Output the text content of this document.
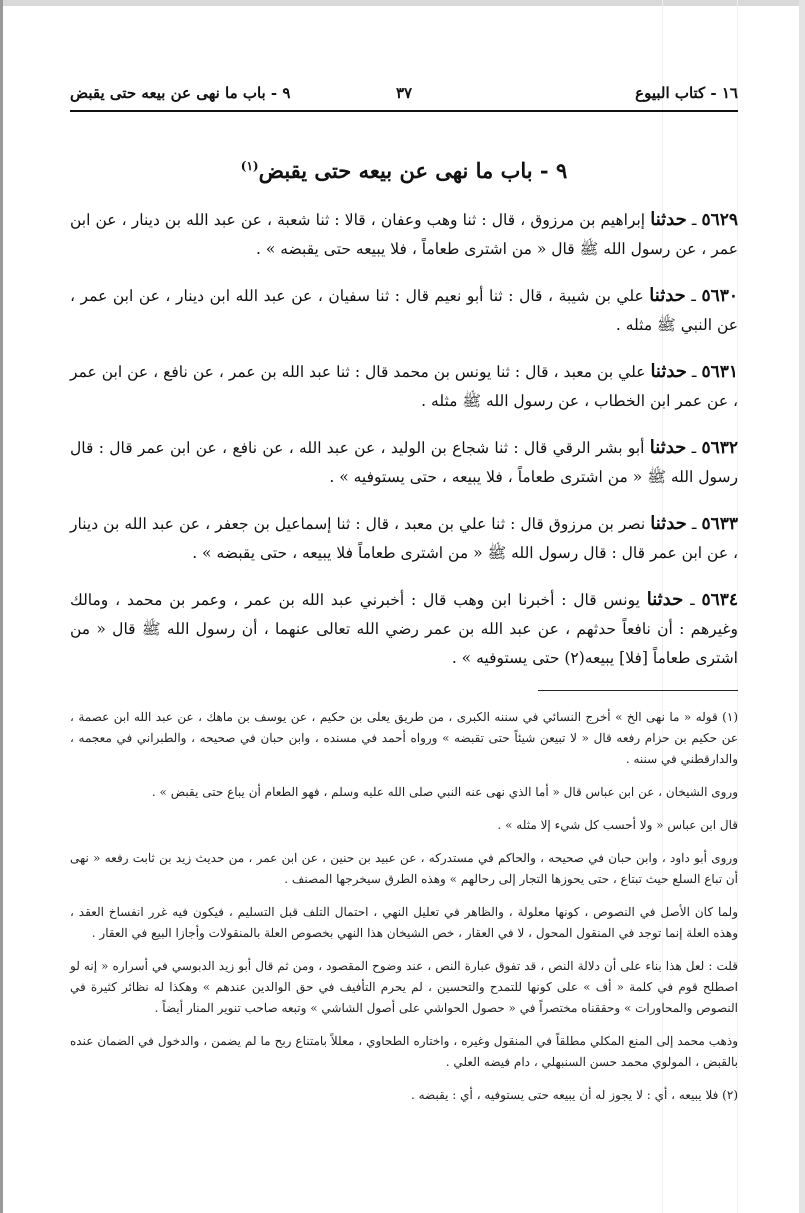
١٦ - كتاب البيوع
٣٧
٩ - باب ما نهى عن بيعه حتى يقبض
٩ - باب ما نهى عن بيعه حتى يقبض$^{(١)}$

٥٦٢٩ ـ حدثنا إبراهيم بن مرزوق ، قال : ثنا وهب وعفان ، قالا : ثنا شعبة ، عن عبد الله بن دينار ، عن ابن عمر ، عن رسول الله ﷺ قال « من اشترى طعاماً ، فلا يبيعه حتى يقبضه » .

٥٦٣٠ ـ حدثنا علي بن شيبة ، قال : ثنا أبو نعيم قال : ثنا سفيان ، عن عبد الله ابن دينار ، عن ابن عمر ، عن النبي ﷺ مثله .

٥٦٣١ ـ حدثنا علي بن معبد ، قال : ثنا يونس بن محمد قال : ثنا عبد الله بن عمر ، عن نافع ، عن ابن عمر ، عن عمر ابن الخطاب ، عن رسول الله ﷺ مثله .

٥٦٣٢ ـ حدثنا أبو بشر الرقي قال : ثنا شجاع بن الوليد ، عن عبد الله ، عن نافع ، عن ابن عمر قال : قال رسول الله ﷺ « من اشترى طعاماً ، فلا يبيعه ، حتى يستوفيه » .

٥٦٣٣ ـ حدثنا نصر بن مرزوق قال : ثنا علي بن معبد ، قال : ثنا إسماعيل بن جعفر ، عن عبد الله بن دينار ، عن ابن عمر قال : قال رسول الله ﷺ « من اشترى طعاماً فلا يبيعه ، حتى يقبضه » .

٥٦٣٤ ـ حدثنا يونس قال : أخبرنا ابن وهب قال : أخبرني عبد الله بن عمر ، وعمر بن محمد ، ومالك وغيرهم : أن نافعاً حدثهم ، عن عبد الله بن عمر رضي الله تعالى عنهما ، أن رسول الله ﷺ قال « من اشترى طعاماً [فلا] يبيعه(٢) حتى يستوفيه » .

(١) قوله « ما نهى الخ » أخرج النسائي في سننه الكبرى ، من طريق يعلى بن حكيم ، عن يوسف بن ماهك ، عن عبد الله ابن عصمة ، عن حكيم بن حزام رفعه قال « لا تبيعن شيئاً حتى تقبضه » ورواه أحمد في مسنده ، وابن حبان في صحيحه ، والطبراني في معجمه ، والدارقطني في سننه .

وروى الشيخان ، عن ابن عباس قال « أما الذي نهى عنه النبي صلى الله عليه وسلم ، فهو الطعام أن يباع حتى يقبض » .

قال ابن عباس « ولا أحسب كل شيء إلا مثله » .

وروى أبو داود ، وابن حبان في صحيحه ، والحاكم في مستدركه ، عن عبيد بن حنين ، عن ابن عمر ، من حديث زيد بن ثابت رفعه « نهى أن تباع السلع حيث تبتاع ، حتى يحوزها التجار إلى رحالهم » وهذه الطرق سيخرجها المصنف .

ولما كان الأصل في النصوص ، كونها معلولة ، والظاهر في تعليل النهي ، احتمال التلف قبل التسليم ، فيكون فيه غرر انفساخ العقد ، وهذه العلة إنما توجد في المنقول المحول ، لا في العقار ، خص الشيخان هذا النهي بخصوص العلة بالمنقولات وأجازا البيع في العقار .

قلت : لعل هذا بناء على أن دلالة النص ، قد تفوق عبارة النص ، عند وضوح المقصود ، ومن ثم قال أبو زيد الدبوسي في أسراره « إنه لو اصطلح قوم في كلمة « أف » على كونها للتمدح والتحسين ، لم يحرم التأفيف في حق الوالدين عندهم » وهكذا له نظائر كثيرة في النصوص والمحاورات » وحققناه مختصراً في « حصول الحواشي على أصول الشاشي » وتبعه صاحب تنوير المنار أيضاً .

وذهب محمد إلى المنع المكلي مطلقاً في المنقول وغيره ، واختاره الطحاوي ، معللاً بامتناع ربح ما لم يضمن ، والدخول في الضمان عنده بالقبض ، المولوي محمد حسن السنبهلي ، دام فيضه العلي .

(٢) فلا يبيعه ، أي : لا يجوز له أن يبيعه حتى يستوفيه ، أي : يقبضه .
